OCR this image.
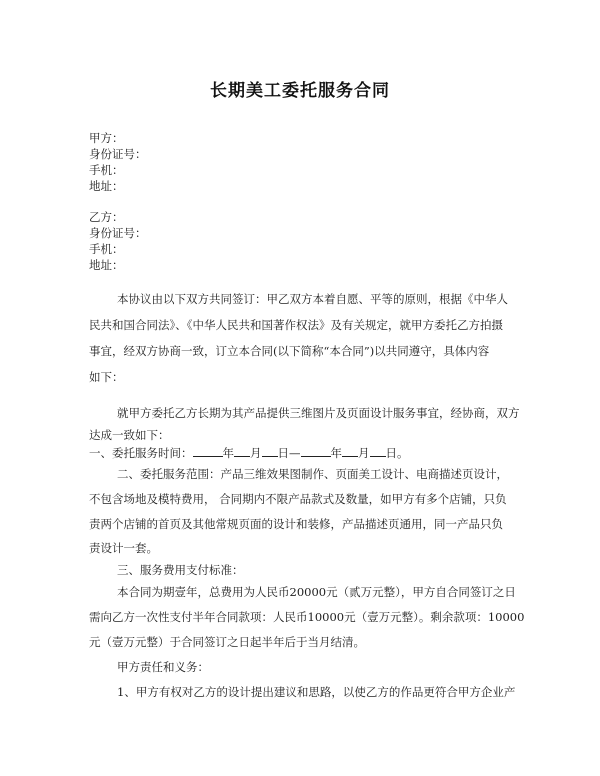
长期美工委托服务合同
甲方：
身份证号：
手机：
地址：
乙方：
身份证号：
手机：
地址：
本协议由以下双方共同签订：甲乙双方本着自愿、平等的原则，根据《中华人
民共和国合同法》、《中华人民共和国著作权法》及有关规定，就甲方委托乙方拍摄
事宜，经双方协商一致，订立本合同(以下简称“本合同”)以共同遵守，具体内容
如下：
就甲方委托乙方长期为其产品提供三维图片及页面设计服务事宜，经协商，双方
达成一致如下：
一、委托服务时间：	年 月 日—	年 月 日。
二、委托服务范围：产品三维效果图制作、页面美工设计、电商描述页设计，
不包含场地及模特费用， 合同期内不限产品款式及数量，如甲方有多个店铺，只负
责两个店铺的首页及其他常规页面的设计和装修，产品描述页通用，同一产品只负
责设计一套。
三、服务费用支付标准：
本合同为期壹年，总费用为人民币20000元（贰万元整），甲方自合同签订之日
需向乙方一次性支付半年合同款项：人民币10000元（壹万元整）。剩余款项：10000
元（壹万元整）于合同签订之日起半年后于当月结清。
甲方责任和义务：
1、甲方有权对乙方的设计提出建议和思路，以使乙方的作品更符合甲方企业产
